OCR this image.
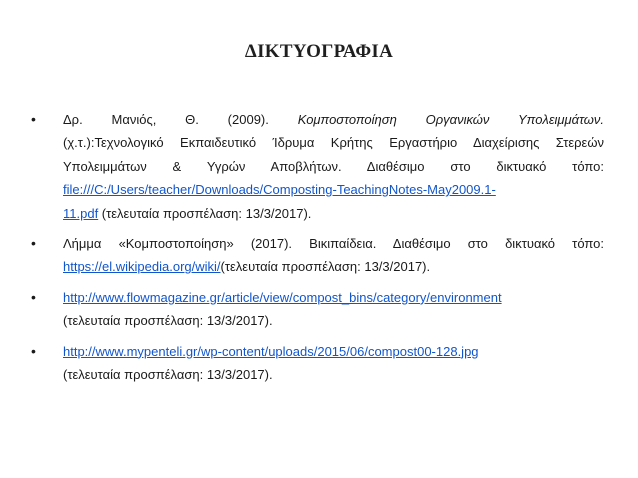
ΔΙΚΤΥΟΓΡΑΦΙΑ
• Δρ. Μανιός, Θ. (2009). Κομποστοποίηση Οργανικών Υπολειμμάτων.
(χ.τ.):Τεχνολογικό Εκπαιδευτικό Ίδρυμα Κρήτης Εργαστήριο Διαχείρισης Στερεών
Υπολειμμάτων & Υγρών Αποβλήτων. Διαθέσιμο στο δικτυακό τόπο:
file:///C:/Users/teacher/Downloads/Composting-TeachingNotes-May2009.1-
11.pdf (τελευταία προσπέλαση: 13/3/2017).
• Λήμμα «Κομποστοποίηση» (2017). Βικιπαίδεια. Διαθέσιμο στο δικτυακό τόπο:
https://el.wikipedia.org/wiki/(τελευταία προσπέλαση: 13/3/2017).
• http://www.flowmagazine.gr/article/view/compost_bins/category/environment
(τελευταία προσπέλαση: 13/3/2017).
• http://www.mypenteli.gr/wp-content/uploads/2015/06/compost00-128.jpg
(τελευταία προσπέλαση: 13/3/2017).
